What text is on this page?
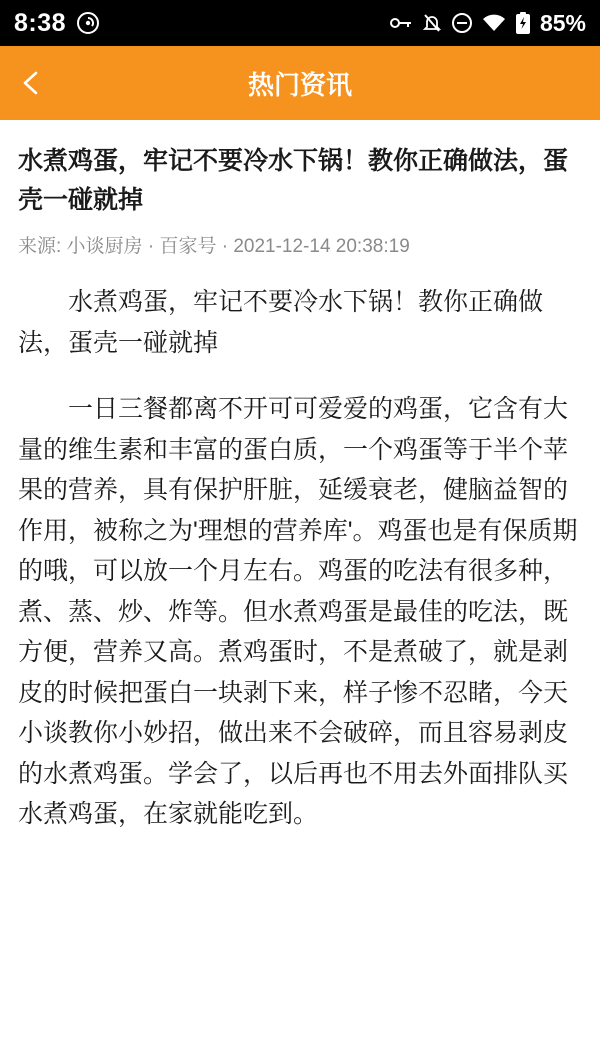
8:38	85%
热门资讯
水煮鸡蛋，牢记不要冷水下锅！教你正确做法，蛋壳一碰就掉
来源: 小谈厨房 · 百家号 · 2021-12-14 20:38:19

水煮鸡蛋，牢记不要冷水下锅！教你正确做法，蛋壳一碰就掉

一日三餐都离不开可可爱爱的鸡蛋，它含有大量的维生素和丰富的蛋白质，一个鸡蛋等于半个苹果的营养，具有保护肝脏，延缓衰老，健脑益智的作用，被称之为'理想的营养库'。鸡蛋也是有保质期的哦，可以放一个月左右。鸡蛋的吃法有很多种，煮、蒸、炒、炸等。但水煮鸡蛋是最佳的吃法，既方便，营养又高。煮鸡蛋时，不是煮破了，就是剥皮的时候把蛋白一块剥下来，样子惨不忍睹，今天小谈教你小妙招，做出来不会破碎，而且容易剥皮的水煮鸡蛋。学会了，以后再也不用去外面排队买水煮鸡蛋，在家就能吃到。
